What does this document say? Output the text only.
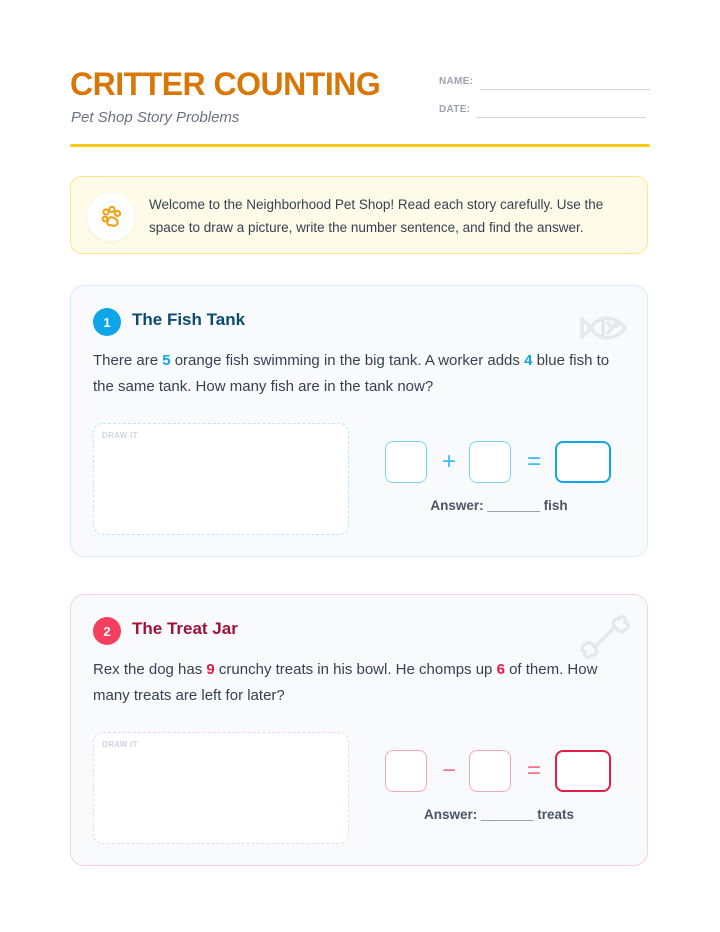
CRITTER COUNTING
Pet Shop Story Problems
NAME:
DATE:
Welcome to the Neighborhood Pet Shop! Read each story carefully. Use the space to draw a picture, write the number sentence, and find the answer.
1	The Fish Tank
There are 5 orange fish swimming in the big tank. A worker adds 4 blue fish to the same tank. How many fish are in the tank now?
DRAW IT
+	=
Answer: _______ fish
2	The Treat Jar
Rex the dog has 9 crunchy treats in his bowl. He chomps up 6 of them. How many treats are left for later?
DRAW IT
−	=
Answer: _______ treats
